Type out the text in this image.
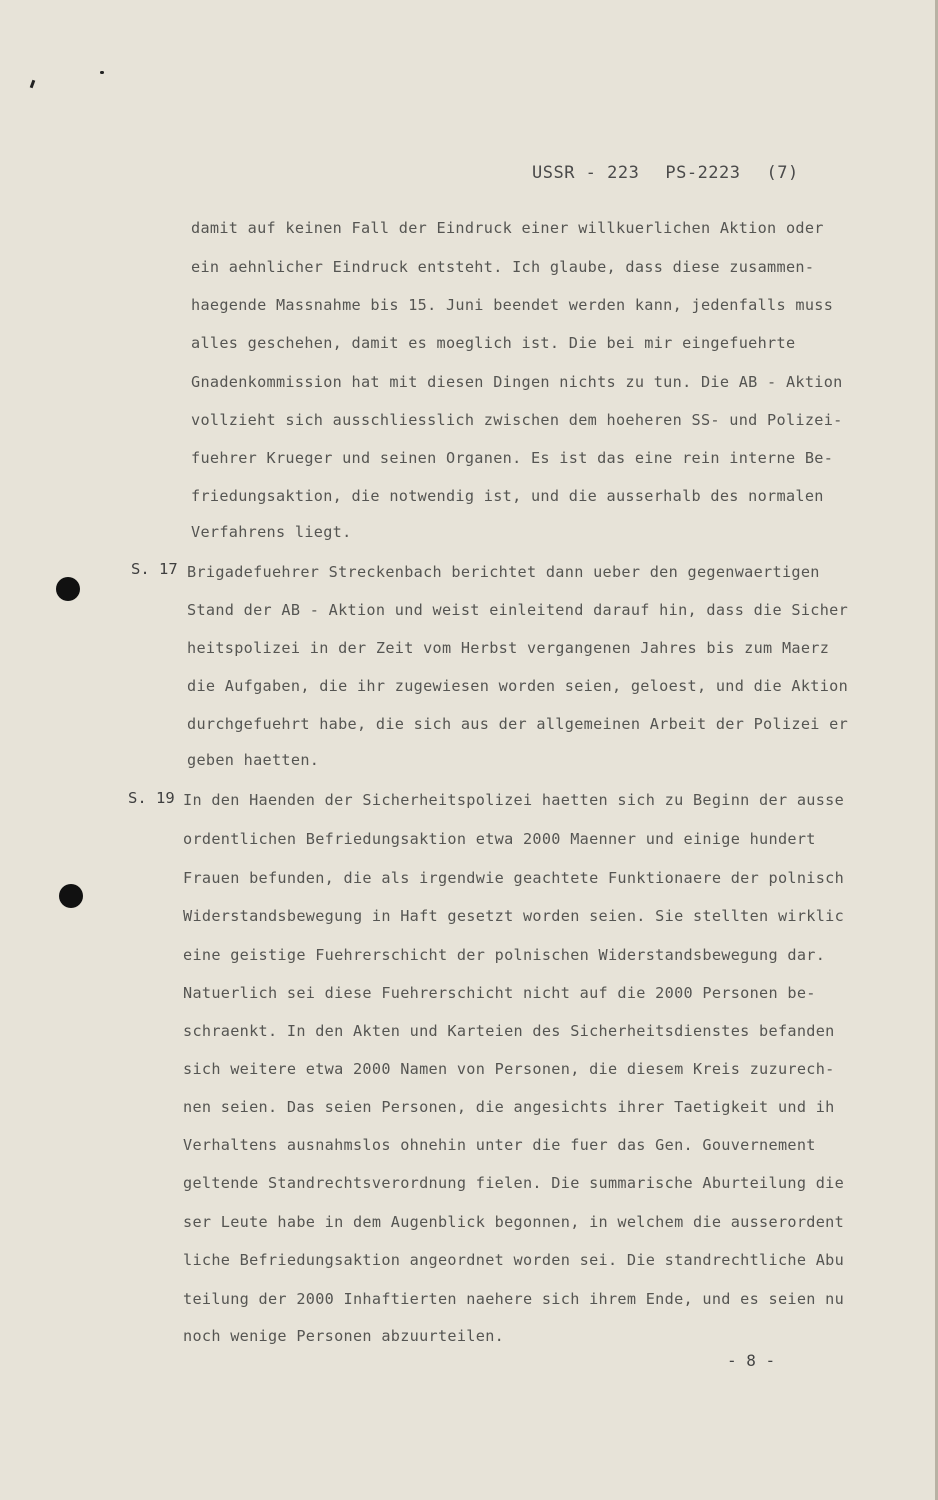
USSR - 223 PS-2223 (7)
damit auf keinen Fall der Eindruck einer willkuerlichen Aktion oder
ein aehnlicher Eindruck entsteht. Ich glaube, dass diese zusammen-
haegende Massnahme bis 15. Juni beendet werden kann, jedenfalls muss
alles geschehen, damit es moeglich ist. Die bei mir eingefuehrte
Gnadenkommission hat mit diesen Dingen nichts zu tun. Die AB - Aktion
vollzieht sich ausschliesslich zwischen dem hoeheren SS- und Polizei-
fuehrer Krueger und seinen Organen. Es ist das eine rein interne Be-
friedungsaktion, die notwendig ist, und die ausserhalb des normalen
Verfahrens liegt.
S. 17 Brigadefuehrer Streckenbach berichtet dann ueber den gegenwaertigen
Stand der AB - Aktion und weist einleitend darauf hin, dass die Sicher
heitspolizei in der Zeit vom Herbst vergangenen Jahres bis zum Maerz
die Aufgaben, die ihr zugewiesen worden seien, geloest, und die Aktion
durchgefuehrt habe, die sich aus der allgemeinen Arbeit der Polizei er
geben haetten.
S. 19 In den Haenden der Sicherheitspolizei haetten sich zu Beginn der ausse
ordentlichen Befriedungsaktion etwa 2000 Maenner und einige hundert
Frauen befunden, die als irgendwie geachtete Funktionaere der polnisch
Widerstandsbewegung in Haft gesetzt worden seien. Sie stellten wirklic
eine geistige Fuehrerschicht der polnischen Widerstandsbewegung dar.
Natuerlich sei diese Fuehrerschicht nicht auf die 2000 Personen be-
schraenkt. In den Akten und Karteien des Sicherheitsdienstes befanden
sich weitere etwa 2000 Namen von Personen, die diesem Kreis zuzurech-
nen seien. Das seien Personen, die angesichts ihrer Taetigkeit und ih
Verhaltens ausnahmslos ohnehin unter die fuer das Gen. Gouvernement
geltende Standrechtsverordnung fielen. Die summarische Aburteilung die
ser Leute habe in dem Augenblick begonnen, in welchem die ausserordent
liche Befriedungsaktion angeordnet worden sei. Die standrechtliche Abu
teilung der 2000 Inhaftierten naehere sich ihrem Ende, und es seien nu
noch wenige Personen abzuurteilen.
- 8 -
